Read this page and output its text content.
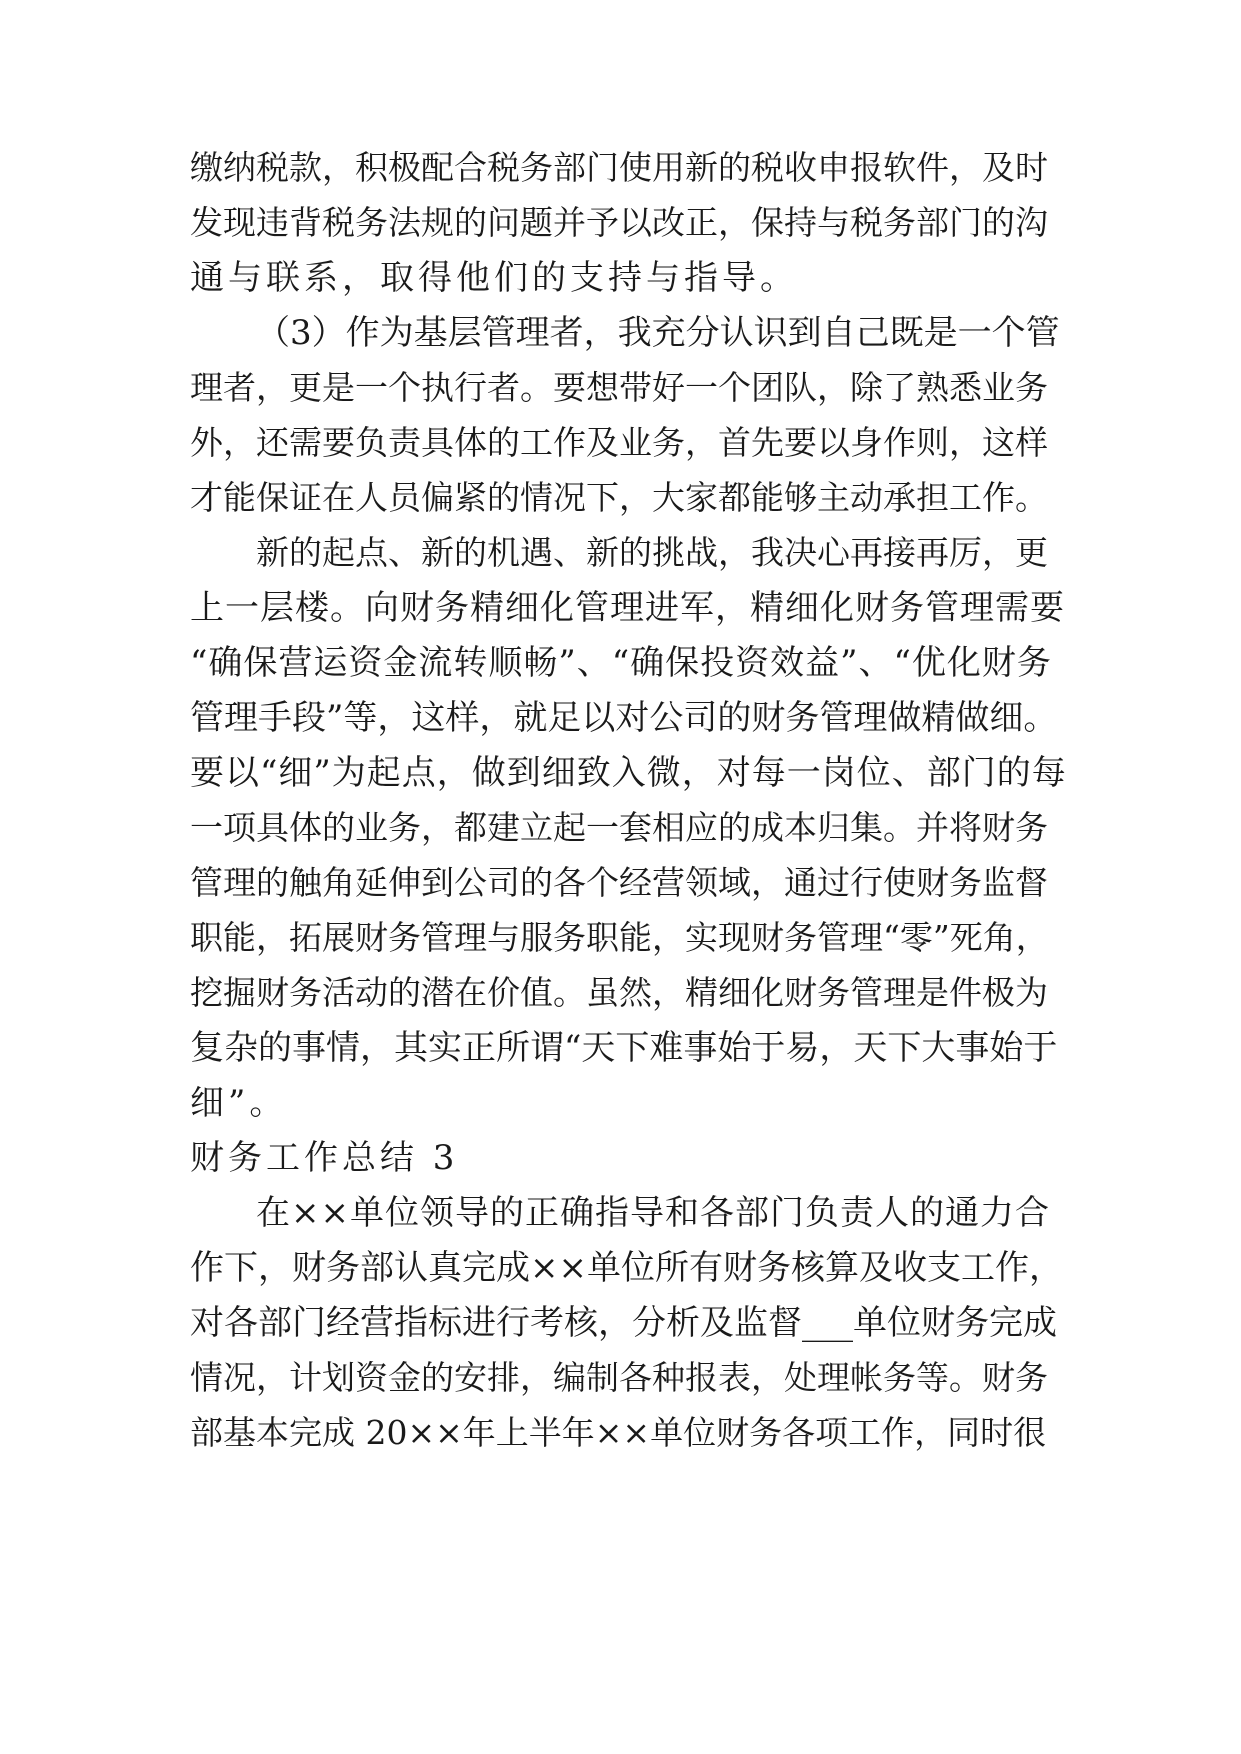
缴纳税款，积极配合税务部门使用新的税收申报软件，及时
发现违背税务法规的问题并予以改正，保持与税务部门的沟
通与联系，取得他们的支持与指导。
（3）作为基层管理者，我充分认识到自己既是一个管
理者，更是一个执行者。要想带好一个团队，除了熟悉业务
外，还需要负责具体的工作及业务，首先要以身作则，这样
才能保证在人员偏紧的情况下，大家都能够主动承担工作。
新的起点、新的机遇、新的挑战，我决心再接再厉，更
上一层楼。向财务精细化管理进军，精细化财务管理需要
“确保营运资金流转顺畅”、“确保投资效益”、“优化财务
管理手段”等，这样，就足以对公司的财务管理做精做细。
要以“细”为起点，做到细致入微，对每一岗位、部门的每
一项具体的业务，都建立起一套相应的成本归集。并将财务
管理的触角延伸到公司的各个经营领域，通过行使财务监督
职能，拓展财务管理与服务职能，实现财务管理“零”死角，
挖掘财务活动的潜在价值。虽然，精细化财务管理是件极为
复杂的事情，其实正所谓“天下难事始于易，天下大事始于
细”。
财务工作总结 3
在××单位领导的正确指导和各部门负责人的通力合
作下，财务部认真完成××单位所有财务核算及收支工作，
对各部门经营指标进行考核，分析及监督___单位财务完成
情况，计划资金的安排，编制各种报表，处理帐务等。财务
部基本完成 20××年上半年××单位财务各项工作，同时很
